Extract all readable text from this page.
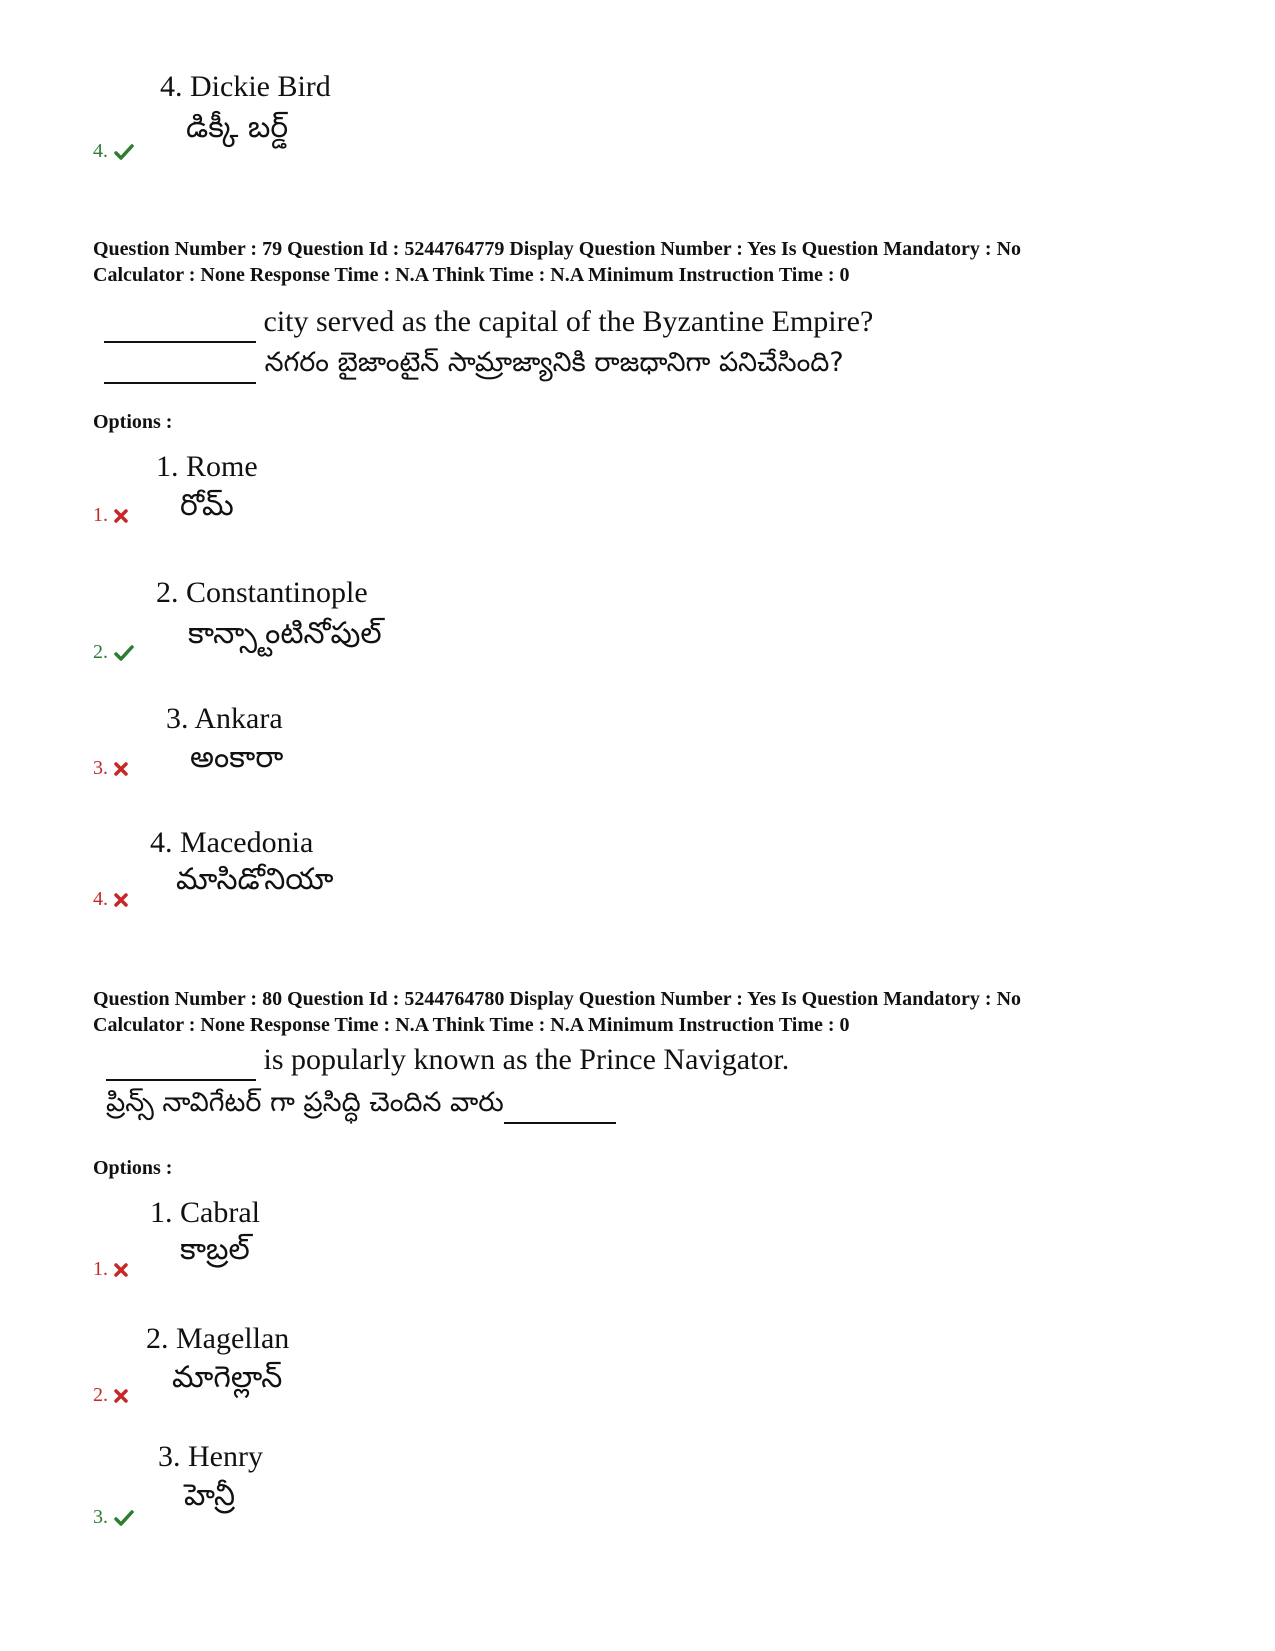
4. Dickie Bird
డిక్కీ బర్డ్
4.
Question Number : 79 Question Id : 5244764779 Display Question Number : Yes Is Question Mandatory : No
Calculator : None Response Time : N.A Think Time : N.A Minimum Instruction Time : 0
city served as the capital of the Byzantine Empire?
నగరం బైజాంటైన్ సామ్రాజ్యానికి రాజధానిగా పనిచేసింది?
Options :
1. Rome
రోమ్
1.
2. Constantinople
కాన్స్టాంటినోపుల్
2.
3. Ankara
అంకారా
3.
4. Macedonia
మాసిడోనియా
4.
Question Number : 80 Question Id : 5244764780 Display Question Number : Yes Is Question Mandatory : No
Calculator : None Response Time : N.A Think Time : N.A Minimum Instruction Time : 0
is popularly known as the Prince Navigator.
ప్రిన్స్ నావిగేటర్ గా ప్రసిద్ధి చెందిన వారు
Options :
1. Cabral
కాబ్రల్
1.
2. Magellan
మాగెల్లాన్
2.
3. Henry
హెన్రీ
3.
